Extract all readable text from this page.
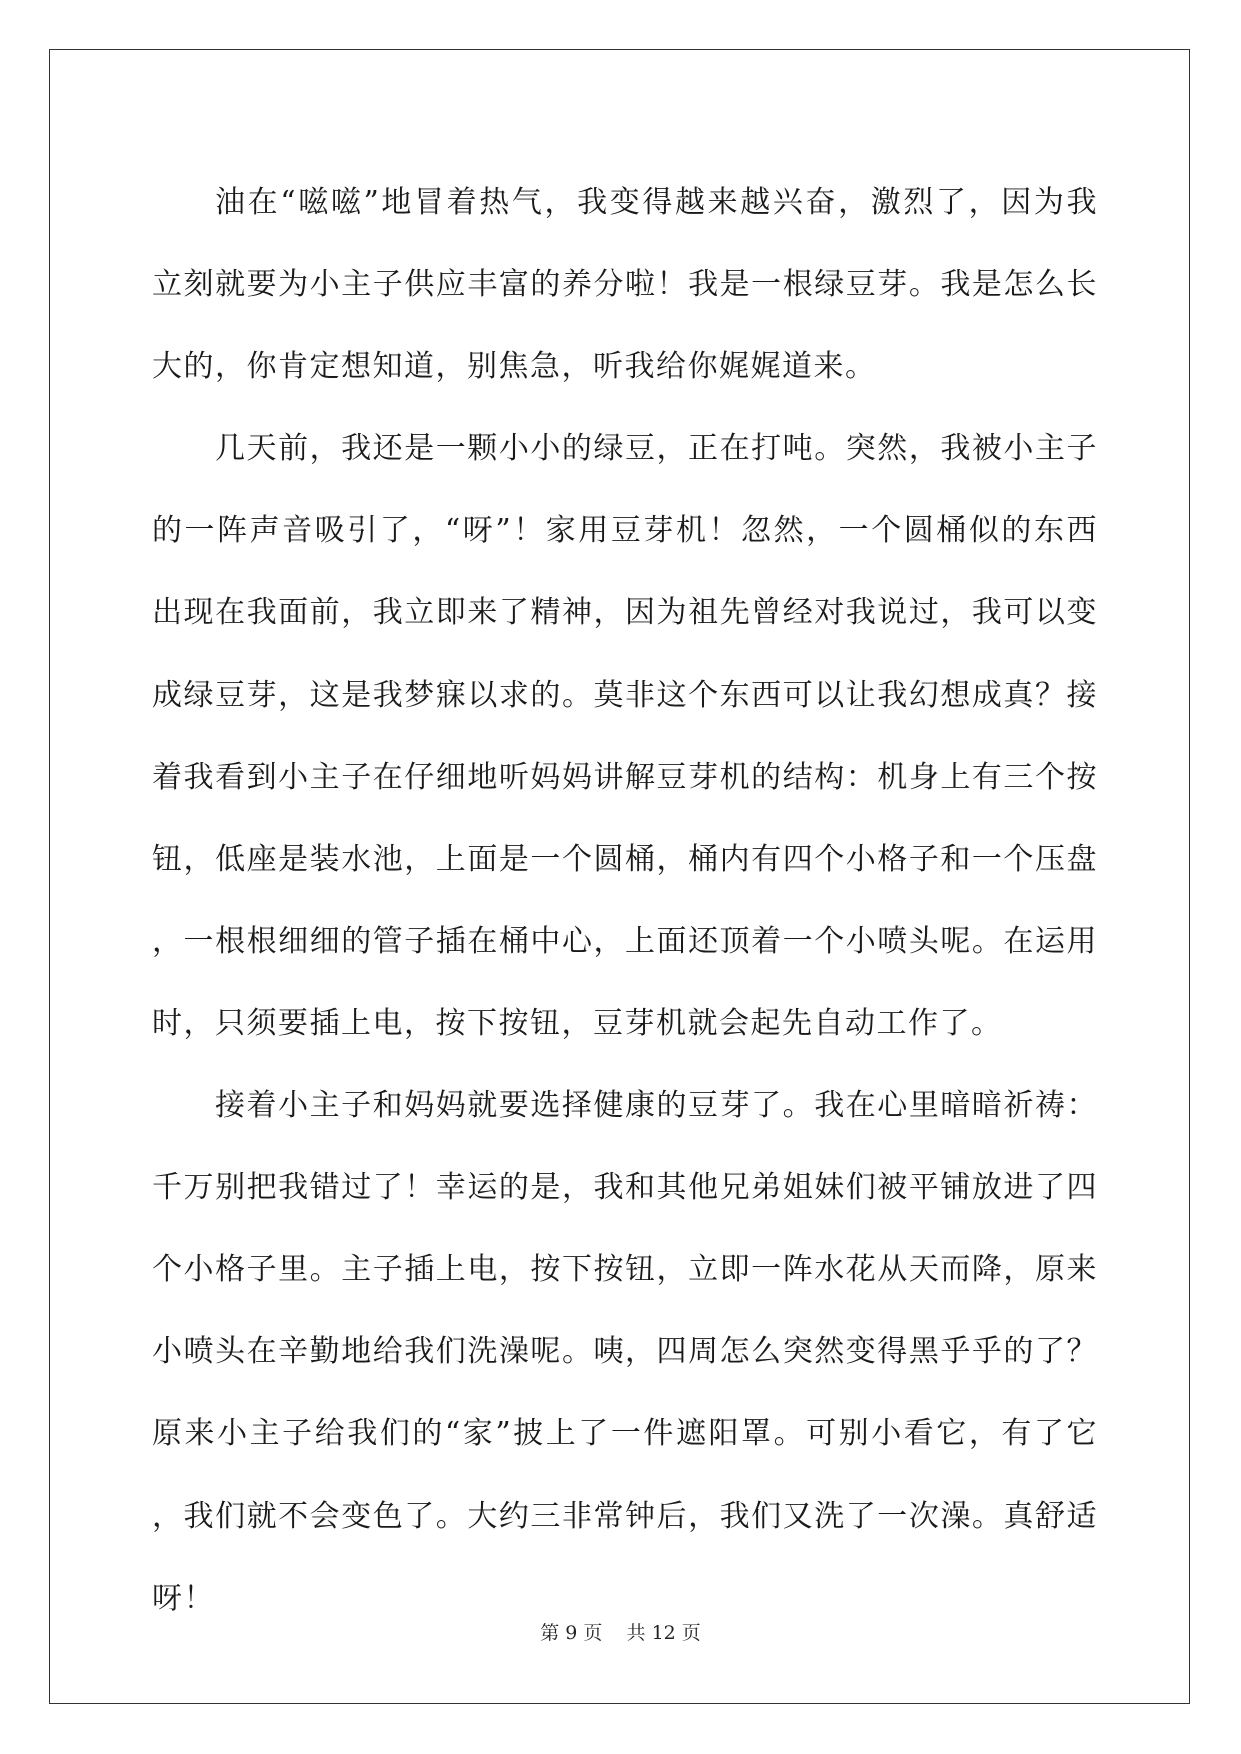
油在“嗞嗞”地冒着热气，我变得越来越兴奋，激烈了，因为我立刻就要为小主子供应丰富的养分啦！我是一根绿豆芽。我是怎么长大的，你肯定想知道，别焦急，听我给你娓娓道来。

几天前，我还是一颗小小的绿豆，正在打吨。突然，我被小主子的一阵声音吸引了，“呀”！家用豆芽机！忽然，一个圆桶似的东西出现在我面前，我立即来了精神，因为祖先曾经对我说过，我可以变成绿豆芽，这是我梦寐以求的。莫非这个东西可以让我幻想成真？接着我看到小主子在仔细地听妈妈讲解豆芽机的结构：机身上有三个按钮，低座是装水池，上面是一个圆桶，桶内有四个小格子和一个压盘，一根根细细的管子插在桶中心，上面还顶着一个小喷头呢。在运用时，只须要插上电，按下按钮，豆芽机就会起先自动工作了。

接着小主子和妈妈就要选择健康的豆芽了。我在心里暗暗祈祷：千万别把我错过了！幸运的是，我和其他兄弟姐妹们被平铺放进了四个小格子里。主子插上电，按下按钮，立即一阵水花从天而降，原来小喷头在辛勤地给我们洗澡呢。咦，四周怎么突然变得黑乎乎的了？原来小主子给我们的“家”披上了一件遮阳罩。可别小看它，有了它，我们就不会变色了。大约三非常钟后，我们又洗了一次澡。真舒适呀！

第 9 页    共 12 页
